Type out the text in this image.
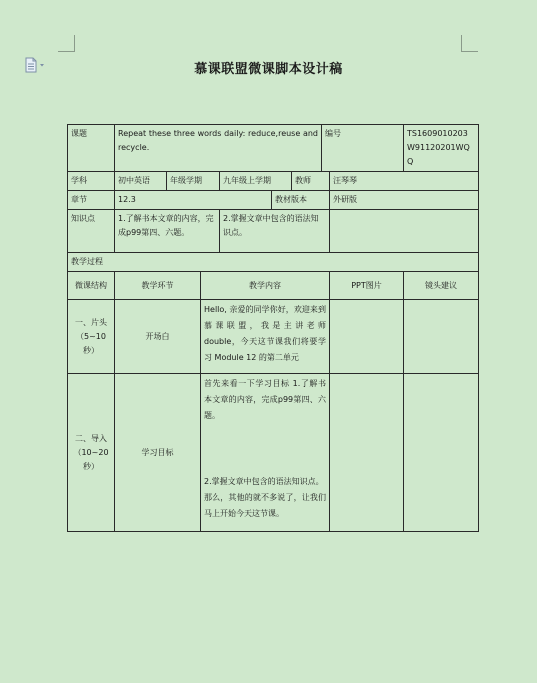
慕课联盟微课脚本设计稿
课题	Repeat these three words daily: reduce,reuse and recycle.						编号		TS1609010203W91120201WQQ
学科	初中英语	年级学期		九年级上学期		教师		汪琴琴	
章节	12.3				教材版本			外研版	
知识点	1.了解书本文章的内容，完成p99第四、六题。			2.掌握文章中包含的语法知识点。					
教学过程									
微课结构	教学环节		教学内容					PPT图片	镜头建议
一、片头（5~10秒）	开场白		Hello, 亲爱的同学你好，欢迎来到慕课联盟，我是主讲老师double，今天这节课我们将要学习 Module 12 的第二单元						
二、导入（10~20秒）	学习目标		首先来看一下学习目标 1.了解书本文章的内容，完成p99第四、六题。
2.掌握文章中包含的语法知识点。
那么，其他的就不多说了，让我们马上开始今天这节课。						
